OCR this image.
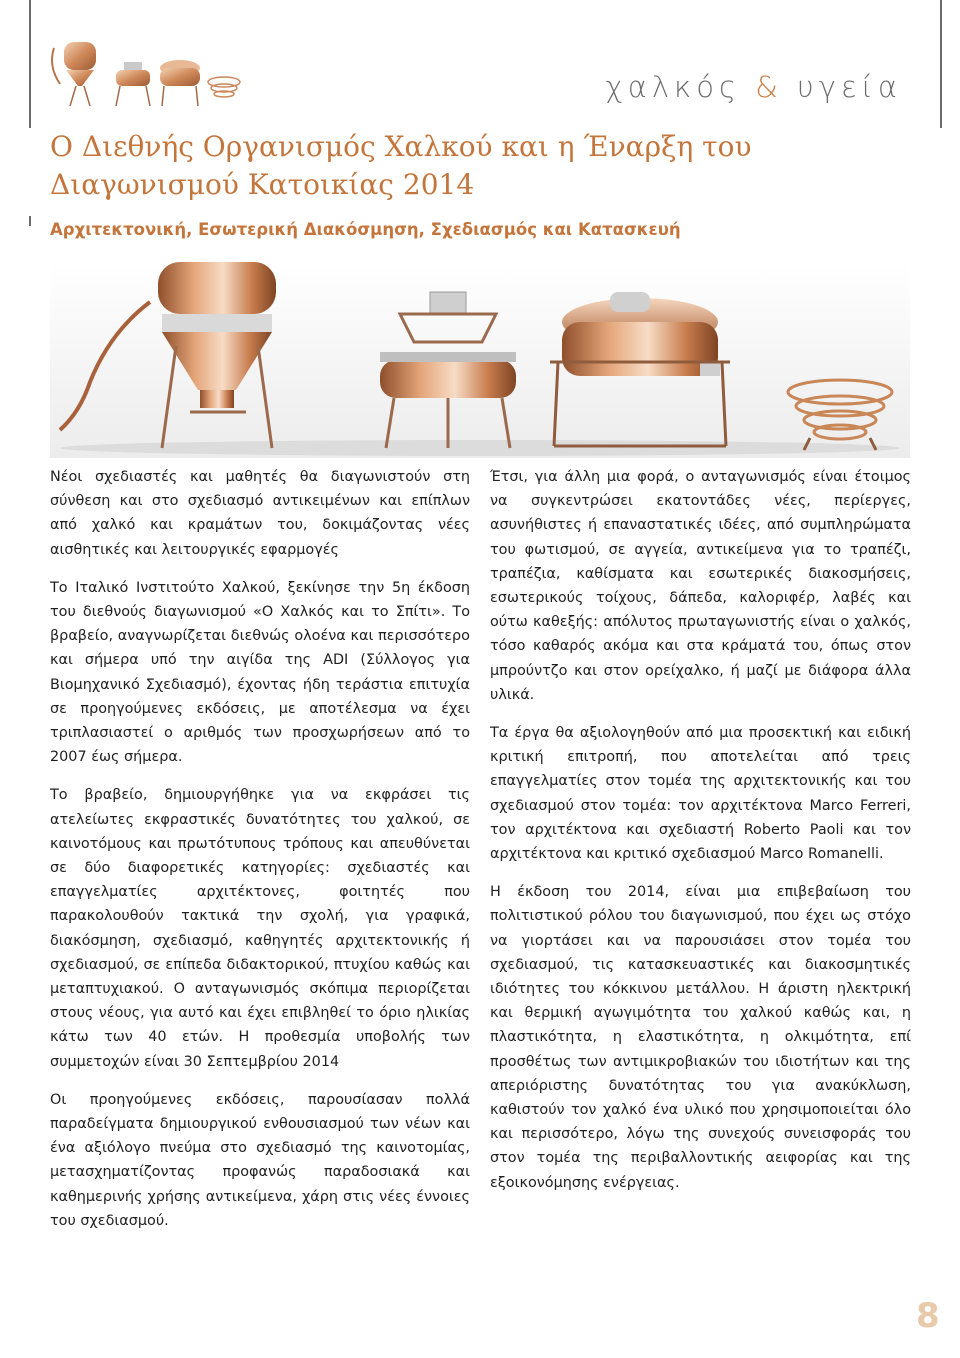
χαλκός & υγεία
Ο Διεθνής Οργανισμός Χαλκού και η Έναρξη του Διαγωνισμού Κατοικίας 2014
Αρχιτεκτονική, Εσωτερική Διακόσμηση, Σχεδιασμός και Κατασκευή

Νέοι σχεδιαστές και μαθητές θα διαγωνιστούν στη σύνθεση και στο σχεδιασμό αντικειμένων και επίπλων από χαλκό και κραμάτων του, δοκιμάζοντας νέες αισθητικές και λειτουργικές εφαρμογές

Το Ιταλικό Ινστιτούτο Χαλκού, ξεκίνησε την 5η έκδοση του διεθνούς διαγωνισμού «Ο Χαλκός και το Σπίτι». Το βραβείο, αναγνωρίζεται διεθνώς ολοένα και περισσότερο και σήμερα υπό την αιγίδα της ADI (Σύλλογος για Βιομηχανικό Σχεδιασμό), έχοντας ήδη τεράστια επιτυχία σε προηγούμενες εκδόσεις, με αποτέλεσμα να έχει τριπλασιαστεί ο αριθμός των προσχωρήσεων από το 2007 έως σήμερα.

Το βραβείο, δημιουργήθηκε για να εκφράσει τις ατελείωτες εκφραστικές δυνατότητες του χαλκού, σε καινοτόμους και πρωτότυπους τρόπους και απευθύνεται σε δύο διαφορετικές κατηγορίες: σχεδιαστές και επαγγελματίες αρχιτέκτονες, φοιτητές που παρακολουθούν τακτικά την σχολή, για γραφικά, διακόσμηση, σχεδιασμό, καθηγητές αρχιτεκτονικής ή σχεδιασμού, σε επίπεδα διδακτορικού, πτυχίου καθώς και μεταπτυχιακού. Ο ανταγωνισμός σκόπιμα περιορίζεται στους νέους, για αυτό και έχει επιβληθεί το όριο ηλικίας κάτω των 40 ετών. Η προθεσμία υποβολής των συμμετοχών είναι 30 Σεπτεμβρίου 2014

Οι προηγούμενες εκδόσεις, παρουσίασαν πολλά παραδείγματα δημιουργικού ενθουσιασμού των νέων και ένα αξιόλογο πνεύμα στο σχεδιασμό της καινοτομίας, μετασχηματίζοντας προφανώς παραδοσιακά και καθημερινής χρήσης αντικείμενα, χάρη στις νέες έννοιες του σχεδιασμού.

Έτσι, για άλλη μια φορά, ο ανταγωνισμός είναι έτοιμος να συγκεντρώσει εκατοντάδες νέες, περίεργες, ασυνήθιστες ή επαναστατικές ιδέες, από συμπληρώματα του φωτισμού, σε αγγεία, αντικείμενα για το τραπέζι, τραπέζια, καθίσματα και εσωτερικές διακοσμήσεις, εσωτερικούς τοίχους, δάπεδα, καλοριφέρ, λαβές και ούτω καθεξής: απόλυτος πρωταγωνιστής είναι ο χαλκός, τόσο καθαρός ακόμα και στα κράματά του, όπως στον μπρούντζο και στον ορείχαλκο, ή μαζί με διάφορα άλλα υλικά.

Τα έργα θα αξιολογηθούν από μια προσεκτική και ειδική κριτική επιτροπή, που αποτελείται από τρεις επαγγελματίες στον τομέα της αρχιτεκτονικής και του σχεδιασμού στον τομέα: τον αρχιτέκτονα Marco Ferreri, τον αρχιτέκτονα και σχεδιαστή Roberto Paoli και τον αρχιτέκτονα και κριτικό σχεδιασμού Marco Romanelli.

Η έκδοση του 2014, είναι μια επιβεβαίωση του πολιτιστικού ρόλου του διαγωνισμού, που έχει ως στόχο να γιορτάσει και να παρουσιάσει στον τομέα του σχεδιασμού, τις κατασκευαστικές και διακοσμητικές ιδιότητες του κόκκινου μετάλλου. Η άριστη ηλεκτρική και θερμική αγωγιμότητα του χαλκού καθώς και, η πλαστικότητα, η ελαστικότητα, η ολκιμότητα, επί προσθέτως των αντιμικροβιακών του ιδιοτήτων και της απεριόριστης δυνατότητας του για ανακύκλωση, καθιστούν τον χαλκό ένα υλικό που χρησιμοποιείται όλο και περισσότερο, λόγω της συνεχούς συνεισφοράς του στον τομέα της περιβαλλοντικής αειφορίας και της εξοικονόμησης ενέργειας.

8
